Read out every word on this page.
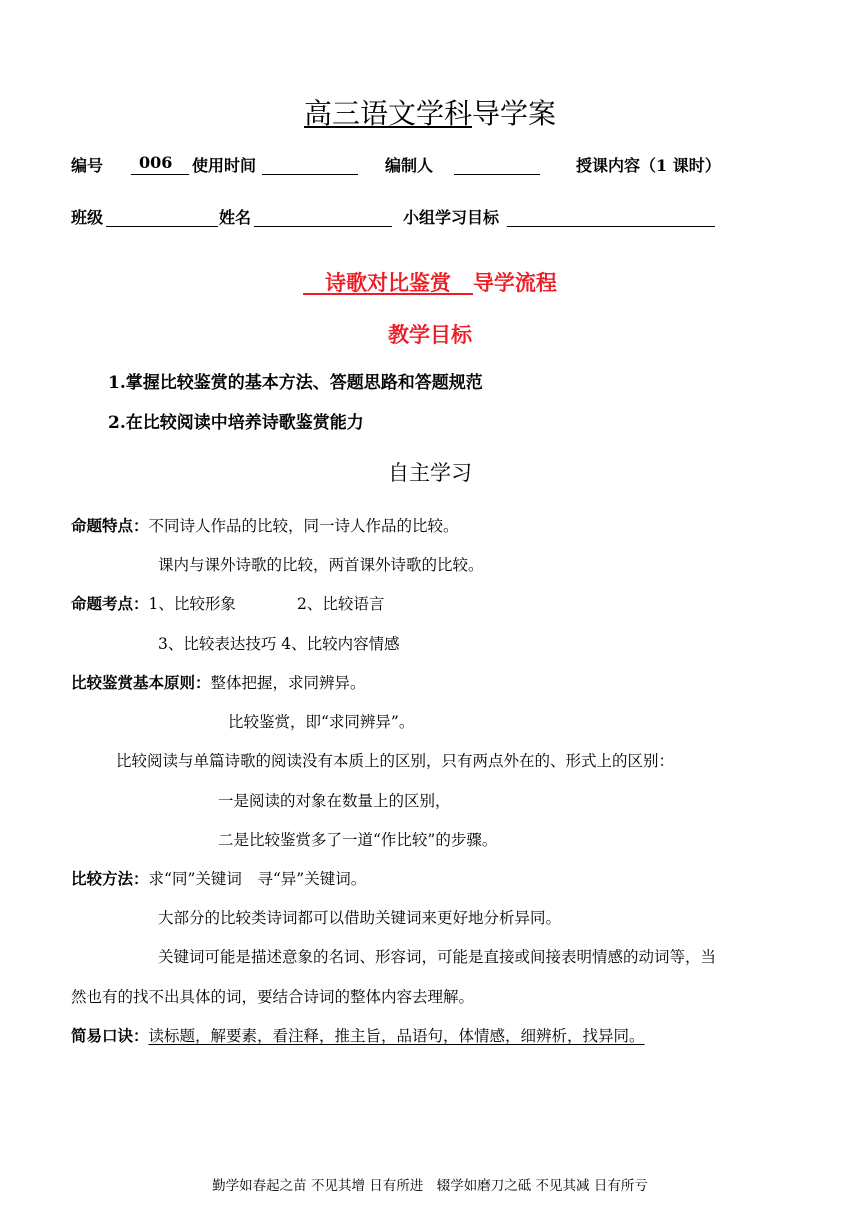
高三语文学科导学案
编号	006	使用时间	编制人	授课内容（1 课时）
班级	姓名	小组学习目标
诗歌对比鉴赏 导学流程
教学目标
1.掌握比较鉴赏的基本方法、答题思路和答题规范
2.在比较阅读中培养诗歌鉴赏能力
自主学习
命题特点：不同诗人作品的比较，同一诗人作品的比较。
课内与课外诗歌的比较，两首课外诗歌的比较。
命题考点：1、比较形象	2、比较语言
3、比较表达技巧 4、比较内容情感
比较鉴赏基本原则：整体把握，求同辨异。
比较鉴赏，即“求同辨异”。
比较阅读与单篇诗歌的阅读没有本质上的区别，只有两点外在的、形式上的区别：
一是阅读的对象在数量上的区别，
二是比较鉴赏多了一道“作比较”的步骤。
比较方法：求“同”关键词　寻“异”关键词。
大部分的比较类诗词都可以借助关键词来更好地分析异同。
关键词可能是描述意象的名词、形容词，可能是直接或间接表明情感的动词等，当
然也有的找不出具体的词，要结合诗词的整体内容去理解。
简易口诀：读标题，解要素，看注释，推主旨，品语句，体情感，细辨析，找异同。
勤学如春起之苗 不见其增 日有所进　辍学如磨刀之砥 不见其减 日有所亏
